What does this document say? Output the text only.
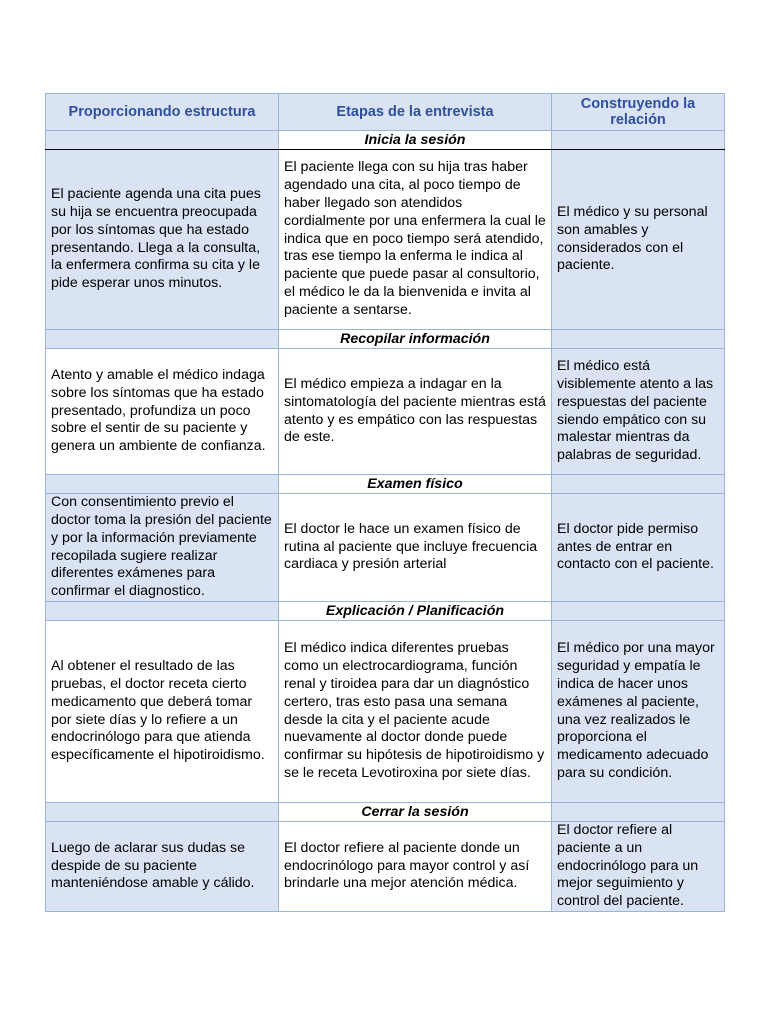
Proporcionando estructura	Etapas de la entrevista	Construyendo la relación
	Inicia la sesión	
El paciente agenda una cita pues su hija se encuentra preocupada por los síntomas que ha estado presentando. Llega a la consulta, la enfermera confirma su cita y le pide esperar unos minutos.	El paciente llega con su hija tras haber agendado una cita, al poco tiempo de haber llegado son atendidos cordialmente por una enfermera la cual le indica que en poco tiempo será atendido, tras ese tiempo la enferma le indica al paciente que puede pasar al consultorio, el médico le da la bienvenida e invita al paciente a sentarse.	El médico y su personal son amables y considerados con el paciente.
	Recopilar información	
Atento y amable el médico indaga sobre los síntomas que ha estado presentado, profundiza un poco sobre el sentir de su paciente y genera un ambiente de confianza.	El médico empieza a indagar en la sintomatología del paciente mientras está atento y es empático con las respuestas de este.	El médico está visiblemente atento a las respuestas del paciente siendo empático con su malestar mientras da palabras de seguridad.
	Examen físico	
Con consentimiento previo el doctor toma la presión del paciente y por la información previamente recopilada sugiere realizar diferentes exámenes para confirmar el diagnostico.	El doctor le hace un examen físico de rutina al paciente que incluye frecuencia cardiaca y presión arterial	El doctor pide permiso antes de entrar en contacto con el paciente.
	Explicación / Planificación	
Al obtener el resultado de las pruebas, el doctor receta cierto medicamento que deberá tomar por siete días y lo refiere a un endocrinólogo para que atienda específicamente el hipotiroidismo.	El médico indica diferentes pruebas como un electrocardiograma, función renal y tiroidea para dar un diagnóstico certero, tras esto pasa una semana desde la cita y el paciente acude nuevamente al doctor donde puede confirmar su hipótesis de hipotiroidismo y se le receta Levotiroxina por siete días.	El médico por una mayor seguridad y empatía le indica de hacer unos exámenes al paciente, una vez realizados le proporciona el medicamento adecuado para su condición.
	Cerrar la sesión	
Luego de aclarar sus dudas se despide de su paciente manteniéndose amable y cálido.	El doctor refiere al paciente donde un endocrinólogo para mayor control y así brindarle una mejor atención médica.	El doctor refiere al paciente a un endocrinólogo para un mejor seguimiento y control del paciente.
